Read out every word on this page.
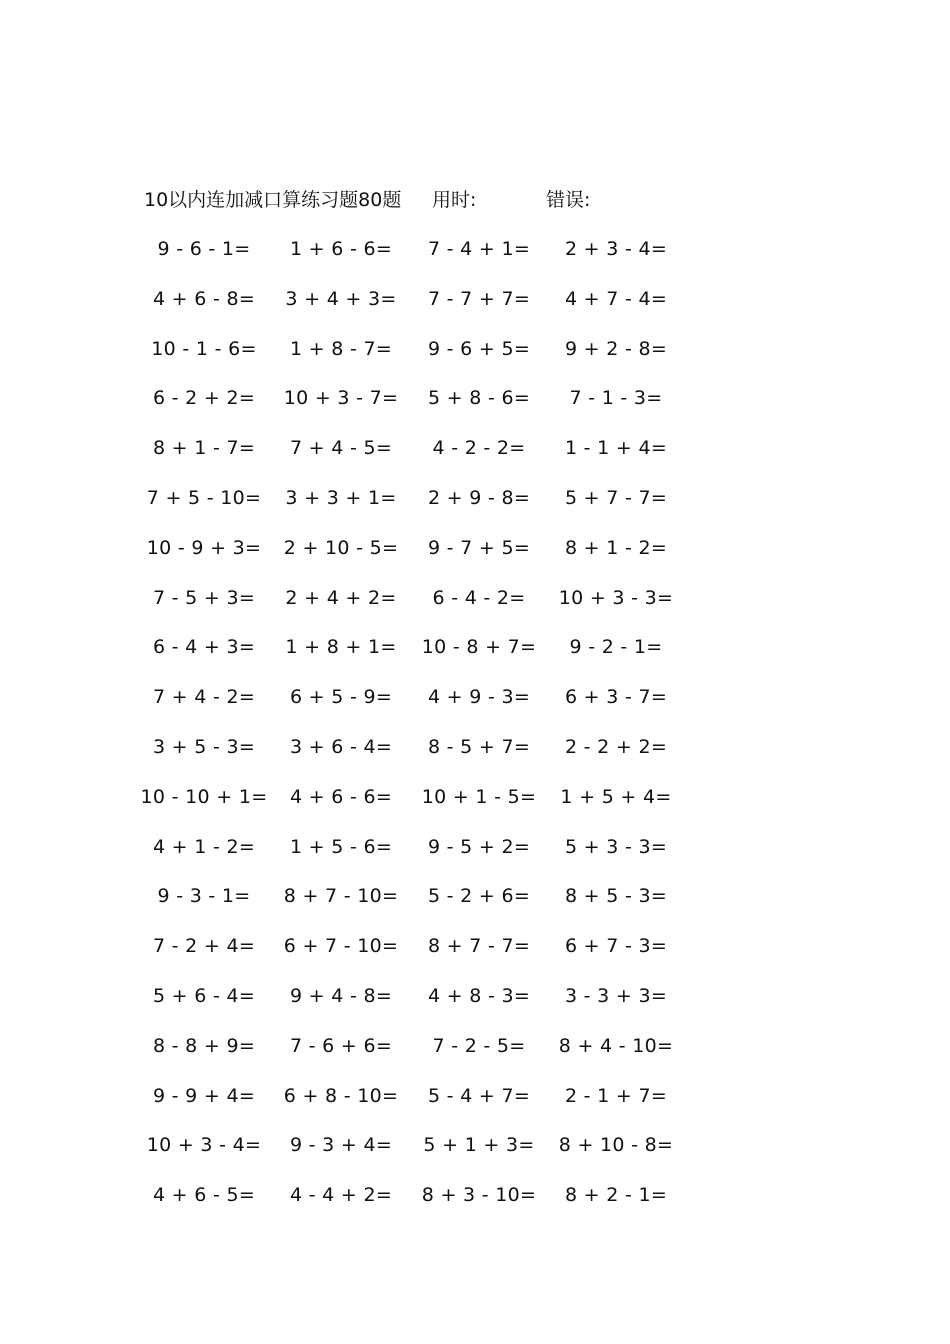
10以内连加减口算练习题80题 用时:	错误:
9 - 6 - 1=	1 + 6 - 6=	7 - 4 + 1=	2 + 3 - 4=
4 + 6 - 8=	3 + 4 + 3=	7 - 7 + 7=	4 + 7 - 4=
10 - 1 - 6=	1 + 8 - 7=	9 - 6 + 5=	9 + 2 - 8=
6 - 2 + 2=	10 + 3 - 7=	5 + 8 - 6=	7 - 1 - 3=
8 + 1 - 7=	7 + 4 - 5=	4 - 2 - 2=	1 - 1 + 4=
7 + 5 - 10=	3 + 3 + 1=	2 + 9 - 8=	5 + 7 - 7=
10 - 9 + 3=	2 + 10 - 5=	9 - 7 + 5=	8 + 1 - 2=
7 - 5 + 3=	2 + 4 + 2=	6 - 4 - 2=	10 + 3 - 3=
6 - 4 + 3=	1 + 8 + 1=	10 - 8 + 7=	9 - 2 - 1=
7 + 4 - 2=	6 + 5 - 9=	4 + 9 - 3=	6 + 3 - 7=
3 + 5 - 3=	3 + 6 - 4=	8 - 5 + 7=	2 - 2 + 2=
10 - 10 + 1=	4 + 6 - 6=	10 + 1 - 5=	1 + 5 + 4=
4 + 1 - 2=	1 + 5 - 6=	9 - 5 + 2=	5 + 3 - 3=
9 - 3 - 1=	8 + 7 - 10=	5 - 2 + 6=	8 + 5 - 3=
7 - 2 + 4=	6 + 7 - 10=	8 + 7 - 7=	6 + 7 - 3=
5 + 6 - 4=	9 + 4 - 8=	4 + 8 - 3=	3 - 3 + 3=
8 - 8 + 9=	7 - 6 + 6=	7 - 2 - 5=	8 + 4 - 10=
9 - 9 + 4=	6 + 8 - 10=	5 - 4 + 7=	2 - 1 + 7=
10 + 3 - 4=	9 - 3 + 4=	5 + 1 + 3=	8 + 10 - 8=
4 + 6 - 5=	4 - 4 + 2=	8 + 3 - 10=	8 + 2 - 1=
